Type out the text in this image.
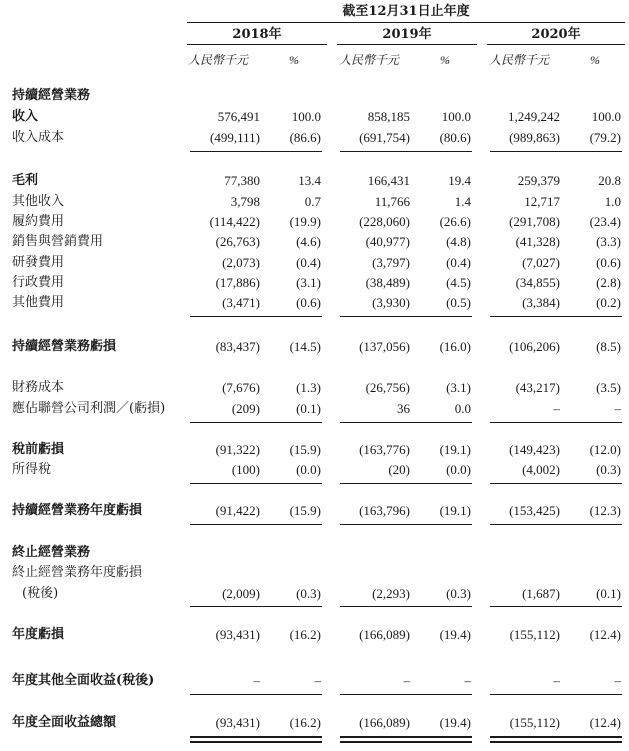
截至12月31日止年度
2018年	2019年	2020年
人民幣千元	%	人民幣千元	%	人民幣千元	%
持續經營業務
收入	576,491	100.0	858,185	100.0	1,249,242	100.0
收入成本	(499,111)	(86.6)	(691,754)	(80.6)	(989,863)	(79.2)
毛利	77,380	13.4	166,431	19.4	259,379	20.8
其他收入	3,798	0.7	11,766	1.4	12,717	1.0
履約費用	(114,422)	(19.9)	(228,060)	(26.6)	(291,708)	(23.4)
銷售與營銷費用	(26,763)	(4.6)	(40,977)	(4.8)	(41,328)	(3.3)
研發費用	(2,073)	(0.4)	(3,797)	(0.4)	(7,027)	(0.6)
行政費用	(17,886)	(3.1)	(38,489)	(4.5)	(34,855)	(2.8)
其他費用	(3,471)	(0.6)	(3,930)	(0.5)	(3,384)	(0.2)
持續經營業務虧損	(83,437)	(14.5)	(137,056)	(16.0)	(106,206)	(8.5)
財務成本	(7,676)	(1.3)	(26,756)	(3.1)	(43,217)	(3.5)
應佔聯營公司利潤／(虧損)	(209)	(0.1)	36	0.0	–	–
稅前虧損	(91,322)	(15.9)	(163,776)	(19.1)	(149,423)	(12.0)
所得稅	(100)	(0.0)	(20)	(0.0)	(4,002)	(0.3)
持續經營業務年度虧損	(91,422)	(15.9)	(163,796)	(19.1)	(153,425)	(12.3)
終止經營業務
終止經營業務年度虧損
(稅後)	(2,009)	(0.3)	(2,293)	(0.3)	(1,687)	(0.1)
年度虧損	(93,431)	(16.2)	(166,089)	(19.4)	(155,112)	(12.4)
年度其他全面收益(稅後)	–	–	–	–	–	–
年度全面收益總額	(93,431)	(16.2)	(166,089)	(19.4)	(155,112)	(12.4)
